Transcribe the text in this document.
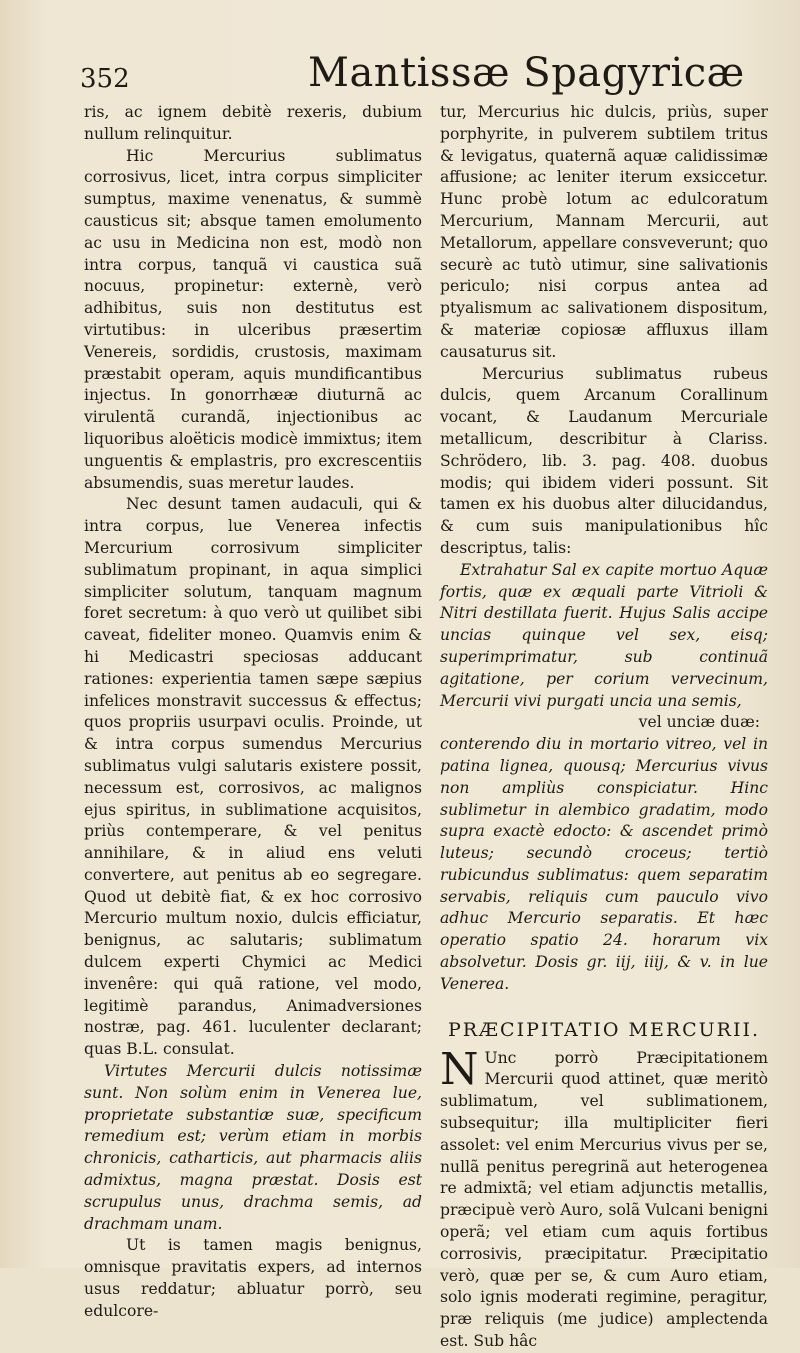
352	Mantissæ Spagyricæ

ris, ac ignem debitè rexeris, dubium nullum relinquitur.

Hic Mercurius sublimatus corrosivus, licet, intra corpus simpliciter sumptus, maxime venenatus, & summè causticus sit; absque tamen emolumento ac usu in Medicina non est, modò non intra corpus, tanquã vi caustica suã nocuus, propinetur: externè, verò adhibitus, suis non destitutus est virtutibus: in ulceribus præsertim Venereis, sordidis, crustosis, maximam præstabit operam, aquis mundificantibus injectus. In gonorrhææ diuturnã ac virulentã curandã, injectionibus ac liquoribus aloëticis modicè immixtus; item unguentis & emplastris, pro excrescentiis absumendis, suas meretur laudes.

Nec desunt tamen audaculi, qui & intra corpus, lue Venerea infectis Mercurium corrosivum simpliciter sublimatum propinant, in aqua simplici simpliciter solutum, tanquam magnum foret secretum: à quo verò ut quilibet sibi caveat, fideliter moneo. Quamvis enim & hi Medicastri speciosas adducant rationes: experientia tamen sæpe sæpius infelices monstravit successus & effectus; quos propriis usurpavi oculis. Proinde, ut & intra corpus sumendus Mercurius sublimatus vulgi salutaris existere possit, necessum est, corrosivos, ac malignos ejus spiritus, in sublimatione acquisitos, priùs contemperare, & vel penitus annihilare, & in aliud ens veluti convertere, aut penitus ab eo segregare. Quod ut debitè fiat, & ex hoc corrosivo Mercurio multum noxio, dulcis efficiatur, benignus, ac salutaris; sublimatum dulcem experti Chymici ac Medici invenêre: qui quã ratione, vel modo, legitimè parandus, Animadversiones nostræ, pag. 461. luculenter declarant; quas B.L. consulat.

Virtutes Mercurii dulcis notissimæ sunt. Non solùm enim in Venerea lue, proprietate substantiæ suæ, specificum remedium est; verùm etiam in morbis chronicis, catharticis, aut pharmacis aliis admixtus, magna præstat. Dosis est scrupulus unus, drachma semis, ad drachmam unam.

Ut is tamen magis benignus, omnisque pravitatis expers, ad internos usus reddatur; abluatur porrò, seu edulcore-

tur, Mercurius hic dulcis, priùs, super porphyrite, in pulverem subtilem tritus & levigatus, quaternã aquæ calidissimæ affusione; ac leniter iterum exsiccetur. Hunc probè lotum ac edulcoratum Mercurium, Mannam Mercurii, aut Metallorum, appellare consveverunt; quo securè ac tutò utimur, sine salivationis periculo; nisi corpus antea ad ptyalismum ac salivationem dispositum, & materiæ copiosæ affluxus illam causaturus sit.

Mercurius sublimatus rubeus dulcis, quem Arcanum Corallinum vocant, & Laudanum Mercuriale metallicum, describitur à Clariss. Schrödero, lib. 3. pag. 408. duobus modis; qui ibidem videri possunt. Sit tamen ex his duobus alter dilucidandus, & cum suis manipulationibus hîc descriptus, talis:

Extrahatur Sal ex capite mortuo Aquæ fortis, quæ ex æquali parte Vitrioli & Nitri destillata fuerit. Hujus Salis accipe uncias quinque vel sex, eisq; superimprimatur, sub continuã agitatione, per corium vervecinum, Mercurii vivi purgati uncia una semis,

vel unciæ duæ:

conterendo diu in mortario vitreo, vel in patina lignea, quousq; Mercurius vivus non ampliùs conspiciatur. Hinc sublimetur in alembico gradatim, modo supra exactè edocto: & ascendet primò luteus; secundò croceus; tertiò rubicundus sublimatus: quem separatim servabis, reliquis cum pauculo vivo adhuc Mercurio separatis. Et hæc operatio spatio 24. horarum vix absolvetur. Dosis gr. iij, iiij, & v. in lue Venerea.

PRÆCIPITATIO MERCURII.

N Unc porrò Præcipitationem Mercurii quod attinet, quæ meritò sublimatum, vel sublimationem, subsequitur; illa multipliciter fieri assolet: vel enim Mercurius vivus per se, nullã penitus peregrinã aut heterogenea re admixtã; vel etiam adjunctis metallis, præcipuè verò Auro, solã Vulcani benigni operã; vel etiam cum aquis fortibus corrosivis, præcipitatur. Præcipitatio verò, quæ per se, & cum Auro etiam, solo ignis moderati regimine, peragitur, præ reliquis (me judice) amplectenda est. Sub hâc
